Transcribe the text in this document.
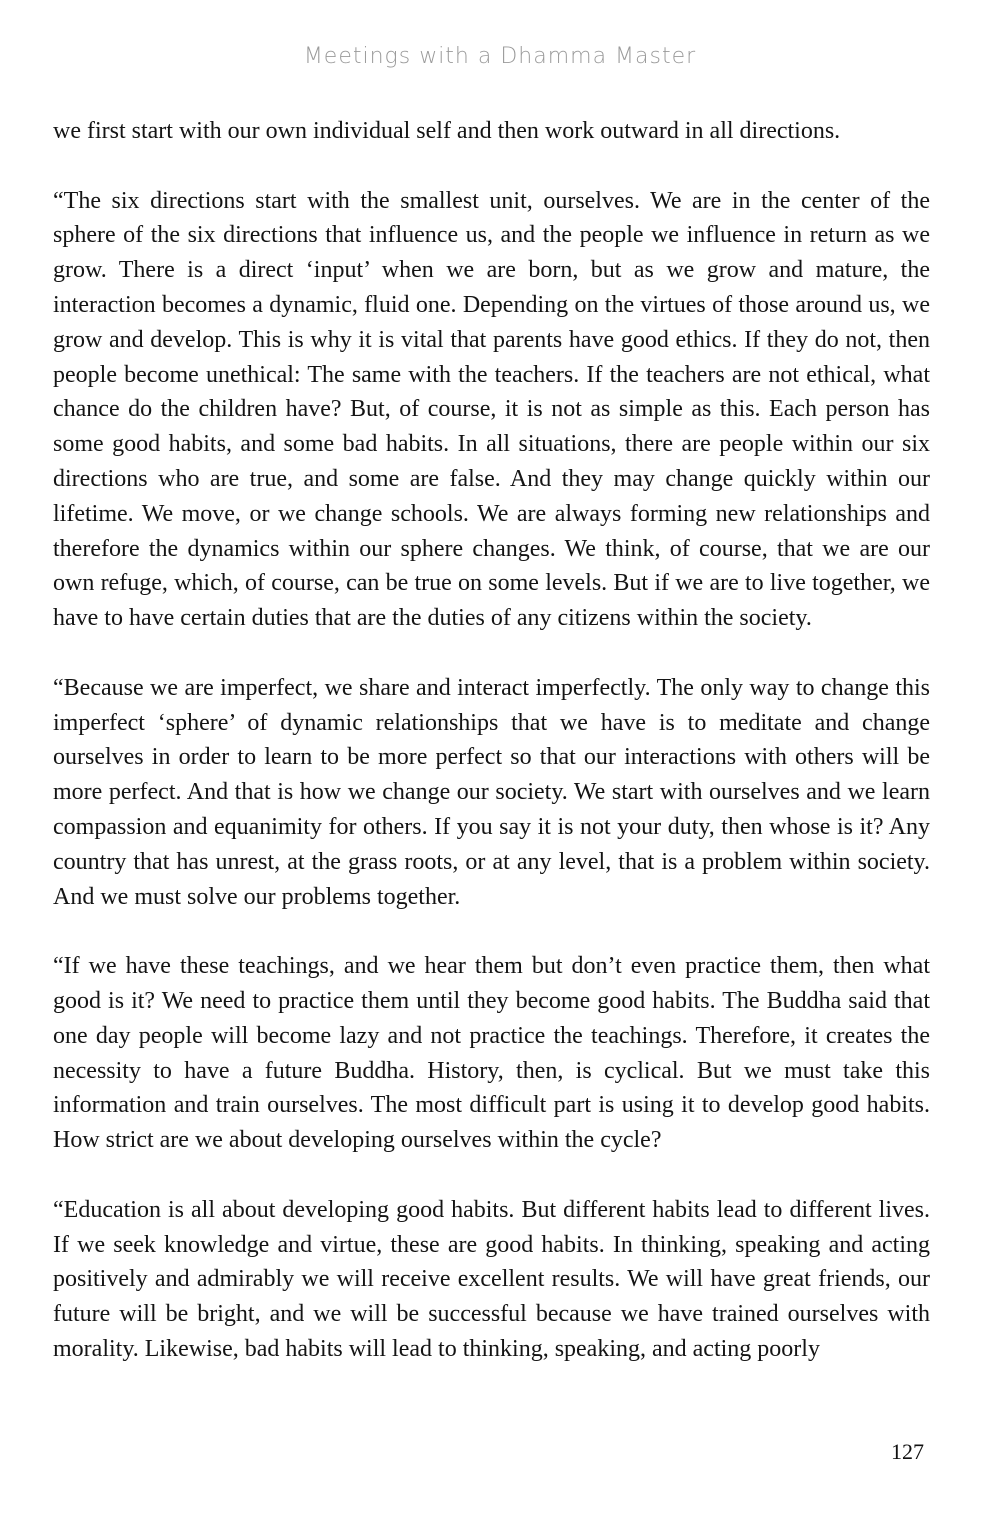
Meetings with a Dhamma Master

we first start with our own individual self and then work outward in all directions.

“The six directions start with the smallest unit, ourselves. We are in the center of the sphere of the six directions that influence us, and the people we influence in return as we grow. There is a direct ‘input’ when we are born, but as we grow and mature, the interaction becomes a dynamic, fluid one. Depending on the virtues of those around us, we grow and develop. This is why it is vital that parents have good ethics. If they do not, then people become unethical: The same with the teachers. If the teachers are not ethical, what chance do the children have? But, of course, it is not as simple as this. Each person has some good habits, and some bad habits. In all situations, there are people within our six directions who are true, and some are false. And they may change quickly within our lifetime. We move, or we change schools. We are always forming new relationships and therefore the dynamics within our sphere changes. We think, of course, that we are our own refuge, which, of course, can be true on some levels. But if we are to live together, we have to have certain duties that are the duties of any citizens within the society.

“Because we are imperfect, we share and interact imperfectly. The only way to change this imperfect ‘sphere’ of dynamic relationships that we have is to meditate and change ourselves in order to learn to be more perfect so that our interactions with others will be more perfect. And that is how we change our society. We start with ourselves and we learn compassion and equanimity for others. If you say it is not your duty, then whose is it? Any country that has unrest, at the grass roots, or at any level, that is a problem within society. And we must solve our problems together.

“If we have these teachings, and we hear them but don’t even practice them, then what good is it? We need to practice them until they become good habits. The Buddha said that one day people will become lazy and not practice the teachings. Therefore, it creates the necessity to have a future Buddha. History, then, is cyclical. But we must take this information and train ourselves. The most difficult part is using it to develop good habits. How strict are we about developing ourselves within the cycle?

“Education is all about developing good habits. But different habits lead to different lives. If we seek knowledge and virtue, these are good habits. In thinking, speaking and acting positively and admirably we will receive excellent results. We will have great friends, our future will be bright, and we will be successful because we have trained ourselves with morality. Likewise, bad habits will lead to thinking, speaking, and acting poorly

127
